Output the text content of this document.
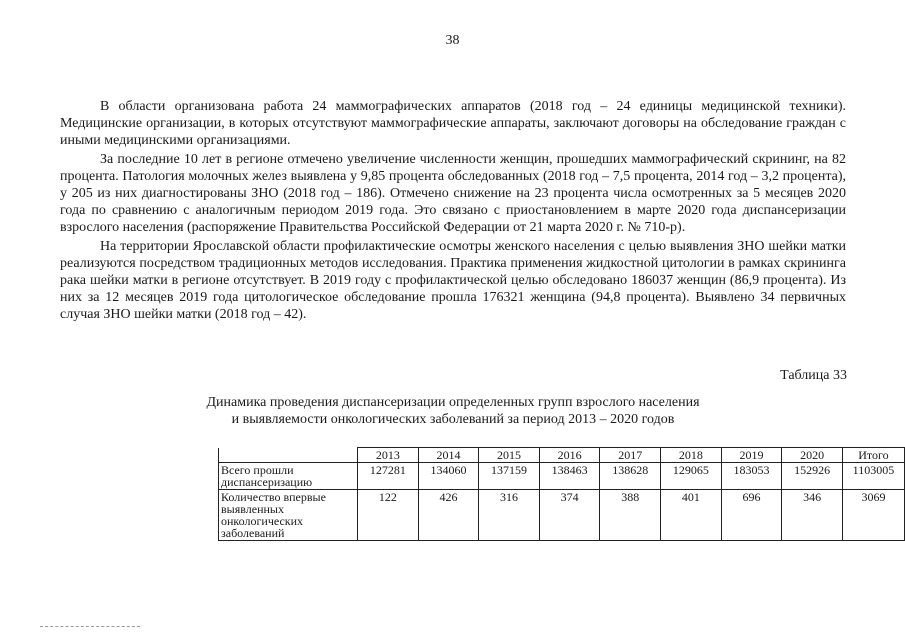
38

В области организована работа 24 маммографических аппаратов (2018 год – 24 единицы медицинской техники). Медицинские организации, в которых отсутствуют маммографические аппараты, заключают договоры на обследование граждан с иными медицинскими организациями.

За последние 10 лет в регионе отмечено увеличение численности женщин, прошедших маммографический скрининг, на 82 процента. Патология молочных желез выявлена у 9,85 процента обследованных (2018 год – 7,5 процента, 2014 год – 3,2 процента), у 205 из них диагностированы ЗНО (2018 год – 186). Отмечено снижение на 23 процента числа осмотренных за 5 месяцев 2020 года по сравнению с аналогичным периодом 2019 года. Это связано с приостановлением в марте 2020 года диспансеризации взрослого населения (распоряжение Правительства Российской Федерации от 21 марта 2020 г. № 710-р).

На территории Ярославской области профилактические осмотры женского населения с целью выявления ЗНО шейки матки реализуются посредством традиционных методов исследования. Практика применения жидкостной цитологии в рамках скрининга рака шейки матки в регионе отсутствует. В 2019 году с профилактической целью обследовано 186037 женщин (86,9 процента). Из них за 12 месяцев 2019 года цитологическое обследование прошла 176321 женщина (94,8 процента). Выявлено 34 первичных случая ЗНО шейки матки (2018 год – 42).

Таблица 33
Динамика проведения диспансеризации определенных групп взрослого населения
и выявляемости онкологических заболеваний за период 2013 – 2020 годов
	2013	2014	2015	2016	2017	2018	2019	2020	Итого
Всего прошли диспансеризацию	127281	134060	137159	138463	138628	129065	183053	152926	1103005
Количество впервые выявленных онкологических заболеваний	122	426	316	374	388	401	696	346	3069
